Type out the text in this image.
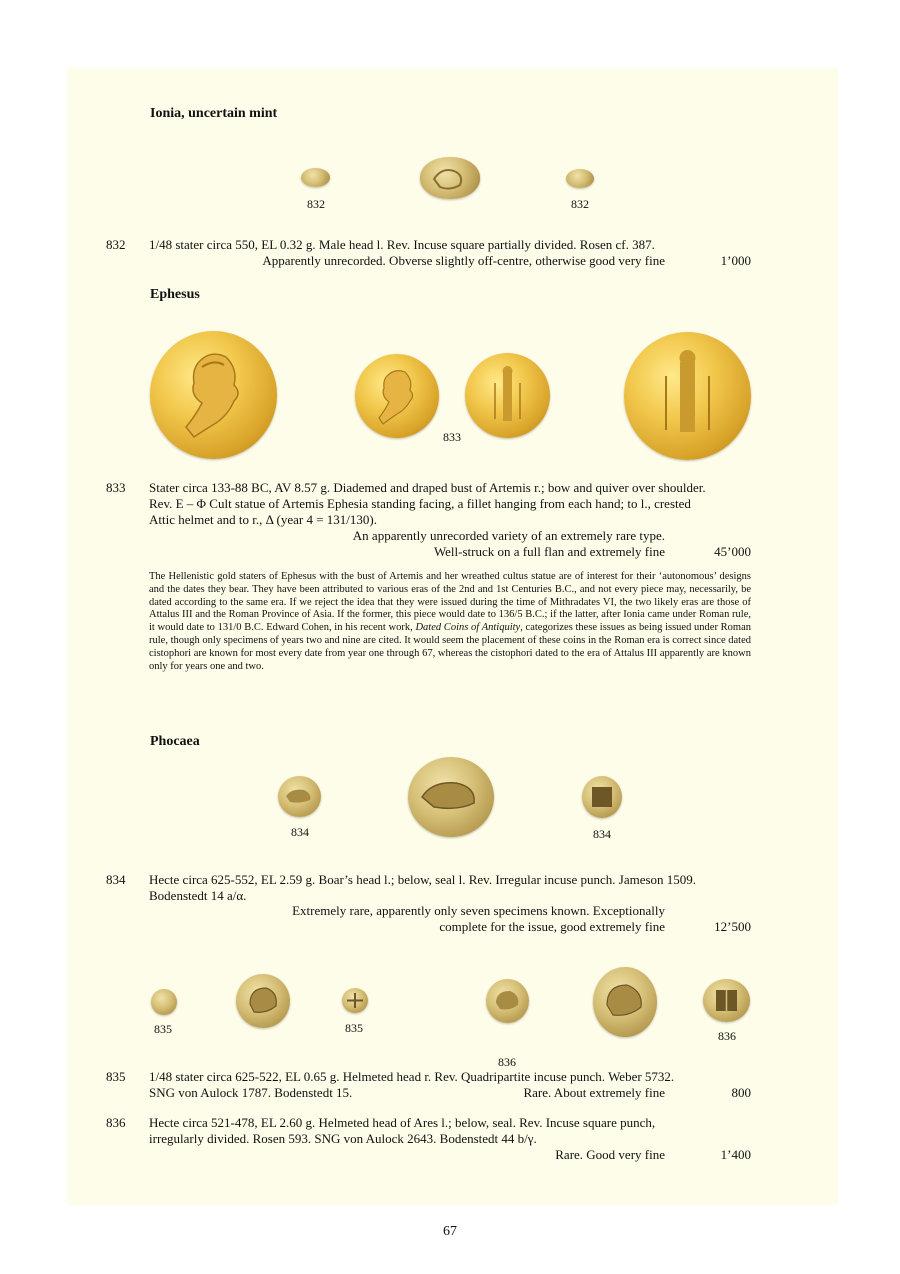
Ionia, uncertain mint
832	832
832 1/48 stater circa 550, EL 0.32 g. Male head l. Rev. Incuse square partially divided. Rosen cf. 387.
Apparently unrecorded. Obverse slightly off-centre, otherwise good very fine	1’000
Ephesus
833
833 Stater circa 133-88 BC, AV 8.57 g. Diademed and draped bust of Artemis r.; bow and quiver over shoulder.
Rev. E – Φ Cult statue of Artemis Ephesia standing facing, a fillet hanging from each hand; to l., crested
Attic helmet and to r., Δ (year 4 = 131/130).
An apparently unrecorded variety of an extremely rare type.
Well-struck on a full flan and extremely fine	45’000
The Hellenistic gold staters of Ephesus with the bust of Artemis and her wreathed cultus statue are of interest for their ‘autonomous’ designs and the dates they bear. They have been attributed to various eras of the 2nd and 1st Centuries B.C., and not every piece may, necessarily, be dated according to the same era. If we reject the idea that they were issued during the time of Mithradates VI, the two likely eras are those of Attalus III and the Roman Province of Asia. If the former, this piece would date to 136/5 B.C.; if the latter, after Ionia came under Roman rule, it would date to 131/0 B.C. Edward Cohen, in his recent work, Dated Coins of Antiquity, categorizes these issues as being issued under Roman rule, though only specimens of years two and nine are cited. It would seem the placement of these coins in the Roman era is correct since dated cistophori are known for most every date from year one through 67, whereas the cistophori dated to the era of Attalus III apparently are known only for years one and two.
Phocaea
834	834
834 Hecte circa 625-552, EL 2.59 g. Boar’s head l.; below, seal l. Rev. Irregular incuse punch. Jameson 1509.
Bodenstedt 14 a/α.
Extremely rare, apparently only seven specimens known. Exceptionally
complete for the issue, good extremely fine	12’500
835	835
836
836
835 1/48 stater circa 625-522, EL 0.65 g. Helmeted head r. Rev. Quadripartite incuse punch. Weber 5732.
SNG von Aulock 1787. Bodenstedt 15.	Rare. About extremely fine	800
836 Hecte circa 521-478, EL 2.60 g. Helmeted head of Ares l.; below, seal. Rev. Incuse square punch,
irregularly divided. Rosen 593. SNG von Aulock 2643. Bodenstedt 44 b/γ.
Rare. Good very fine	1’400
67
